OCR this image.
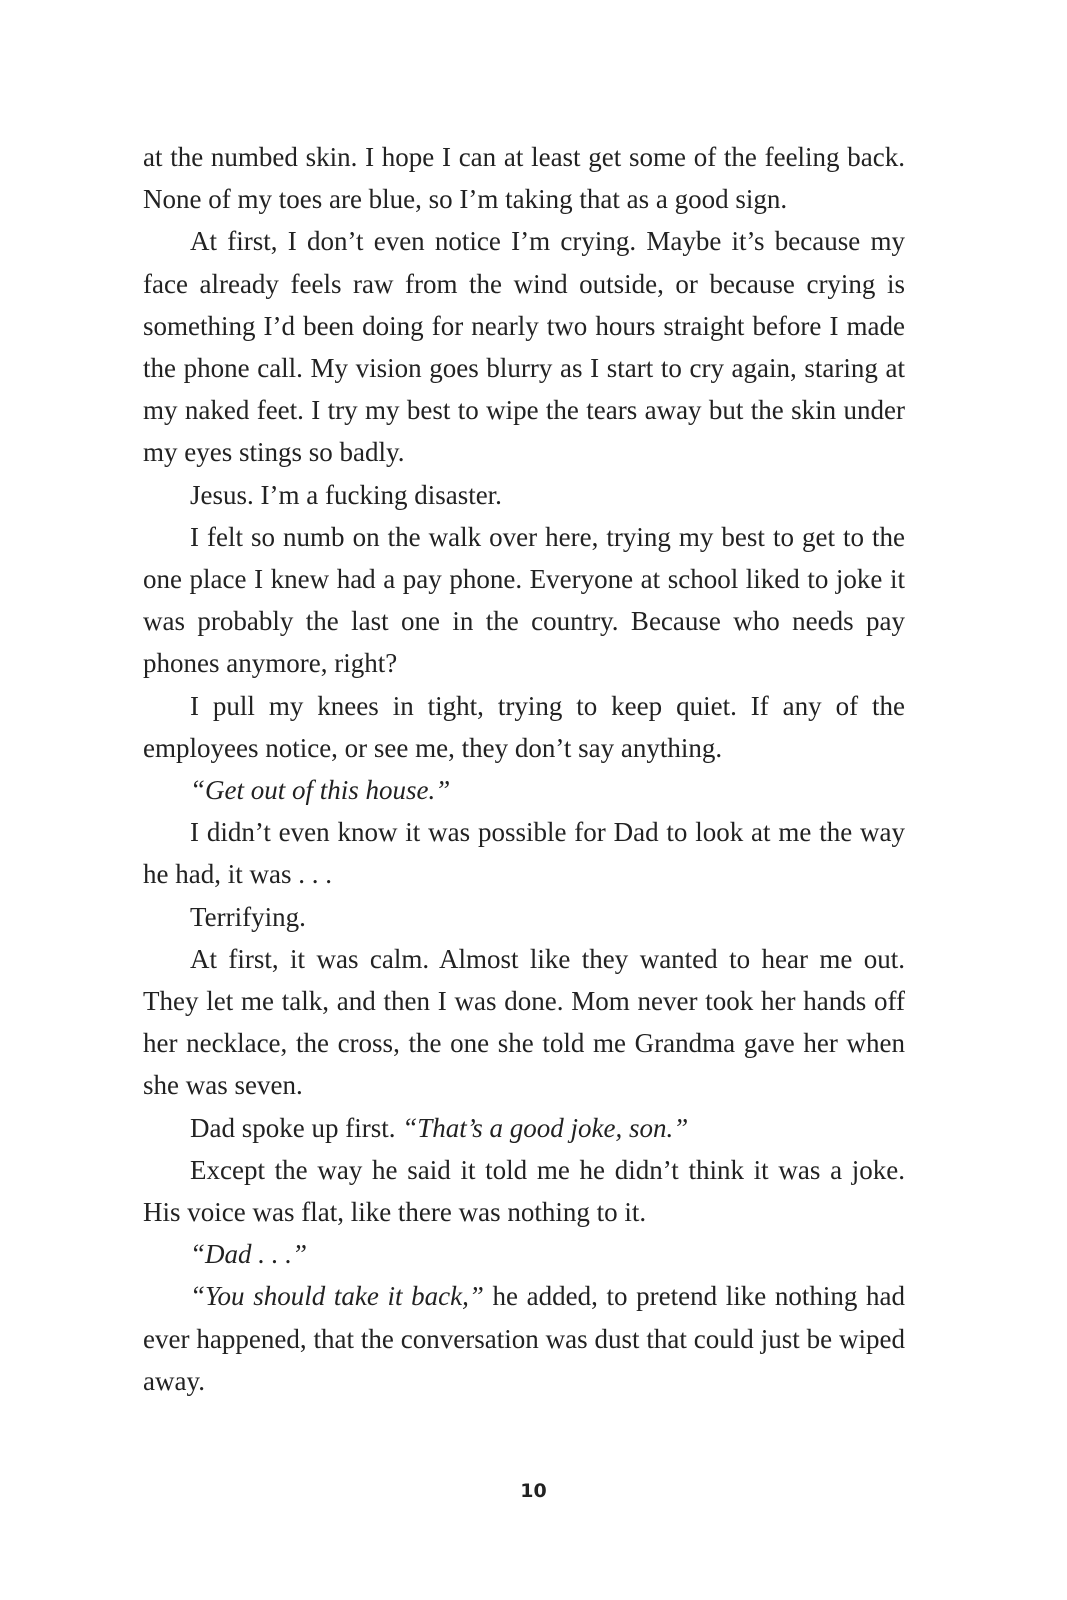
at the numbed skin. I hope I can at least get some of the feeling back. None of my toes are blue, so I’m taking that as a good sign.

At first, I don’t even notice I’m crying. Maybe it’s because my face already feels raw from the wind outside, or because crying is something I’d been doing for nearly two hours straight before I made the phone call. My vision goes blurry as I start to cry again, staring at my naked feet. I try my best to wipe the tears away but the skin under my eyes stings so badly.

Jesus. I’m a fucking disaster.

I felt so numb on the walk over here, trying my best to get to the one place I knew had a pay phone. Everyone at school liked to joke it was probably the last one in the country. Because who needs pay phones anymore, right?

I pull my knees in tight, trying to keep quiet. If any of the employees notice, or see me, they don’t say anything.

“Get out of this house.”

I didn’t even know it was possible for Dad to look at me the way he had, it was . . .

Terrifying.

At first, it was calm. Almost like they wanted to hear me out. They let me talk, and then I was done. Mom never took her hands off her necklace, the cross, the one she told me Grandma gave her when she was seven.

Dad spoke up first. “That’s a good joke, son.”

Except the way he said it told me he didn’t think it was a joke. His voice was flat, like there was nothing to it.

“Dad . . .”

“You should take it back,” he added, to pretend like nothing had ever happened, that the conversation was dust that could just be wiped away.

10
